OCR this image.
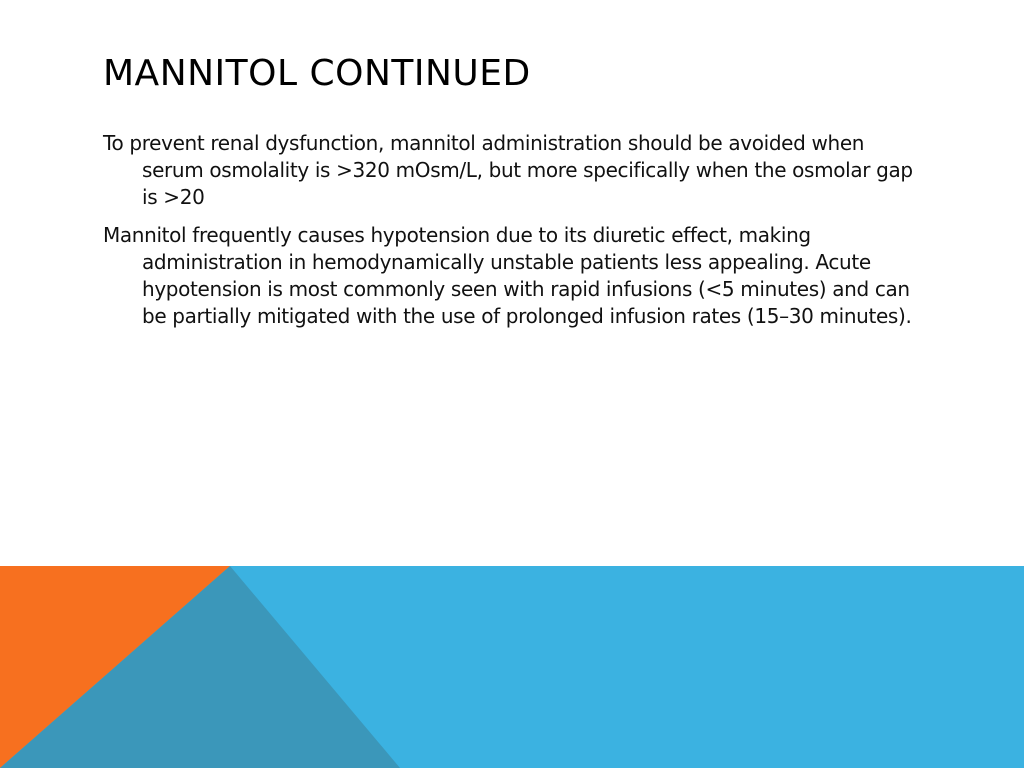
MANNITOL CONTINUED

To prevent renal dysfunction, mannitol administration should be avoided when serum osmolality is >320 mOsm/L, but more specifically when the osmolar gap is >20

Mannitol frequently causes hypotension due to its diuretic effect, making administration in hemodynamically unstable patients less appealing. Acute hypotension is most commonly seen with rapid infusions (<5 minutes) and can be partially mitigated with the use of prolonged infusion rates (15–30 minutes).
